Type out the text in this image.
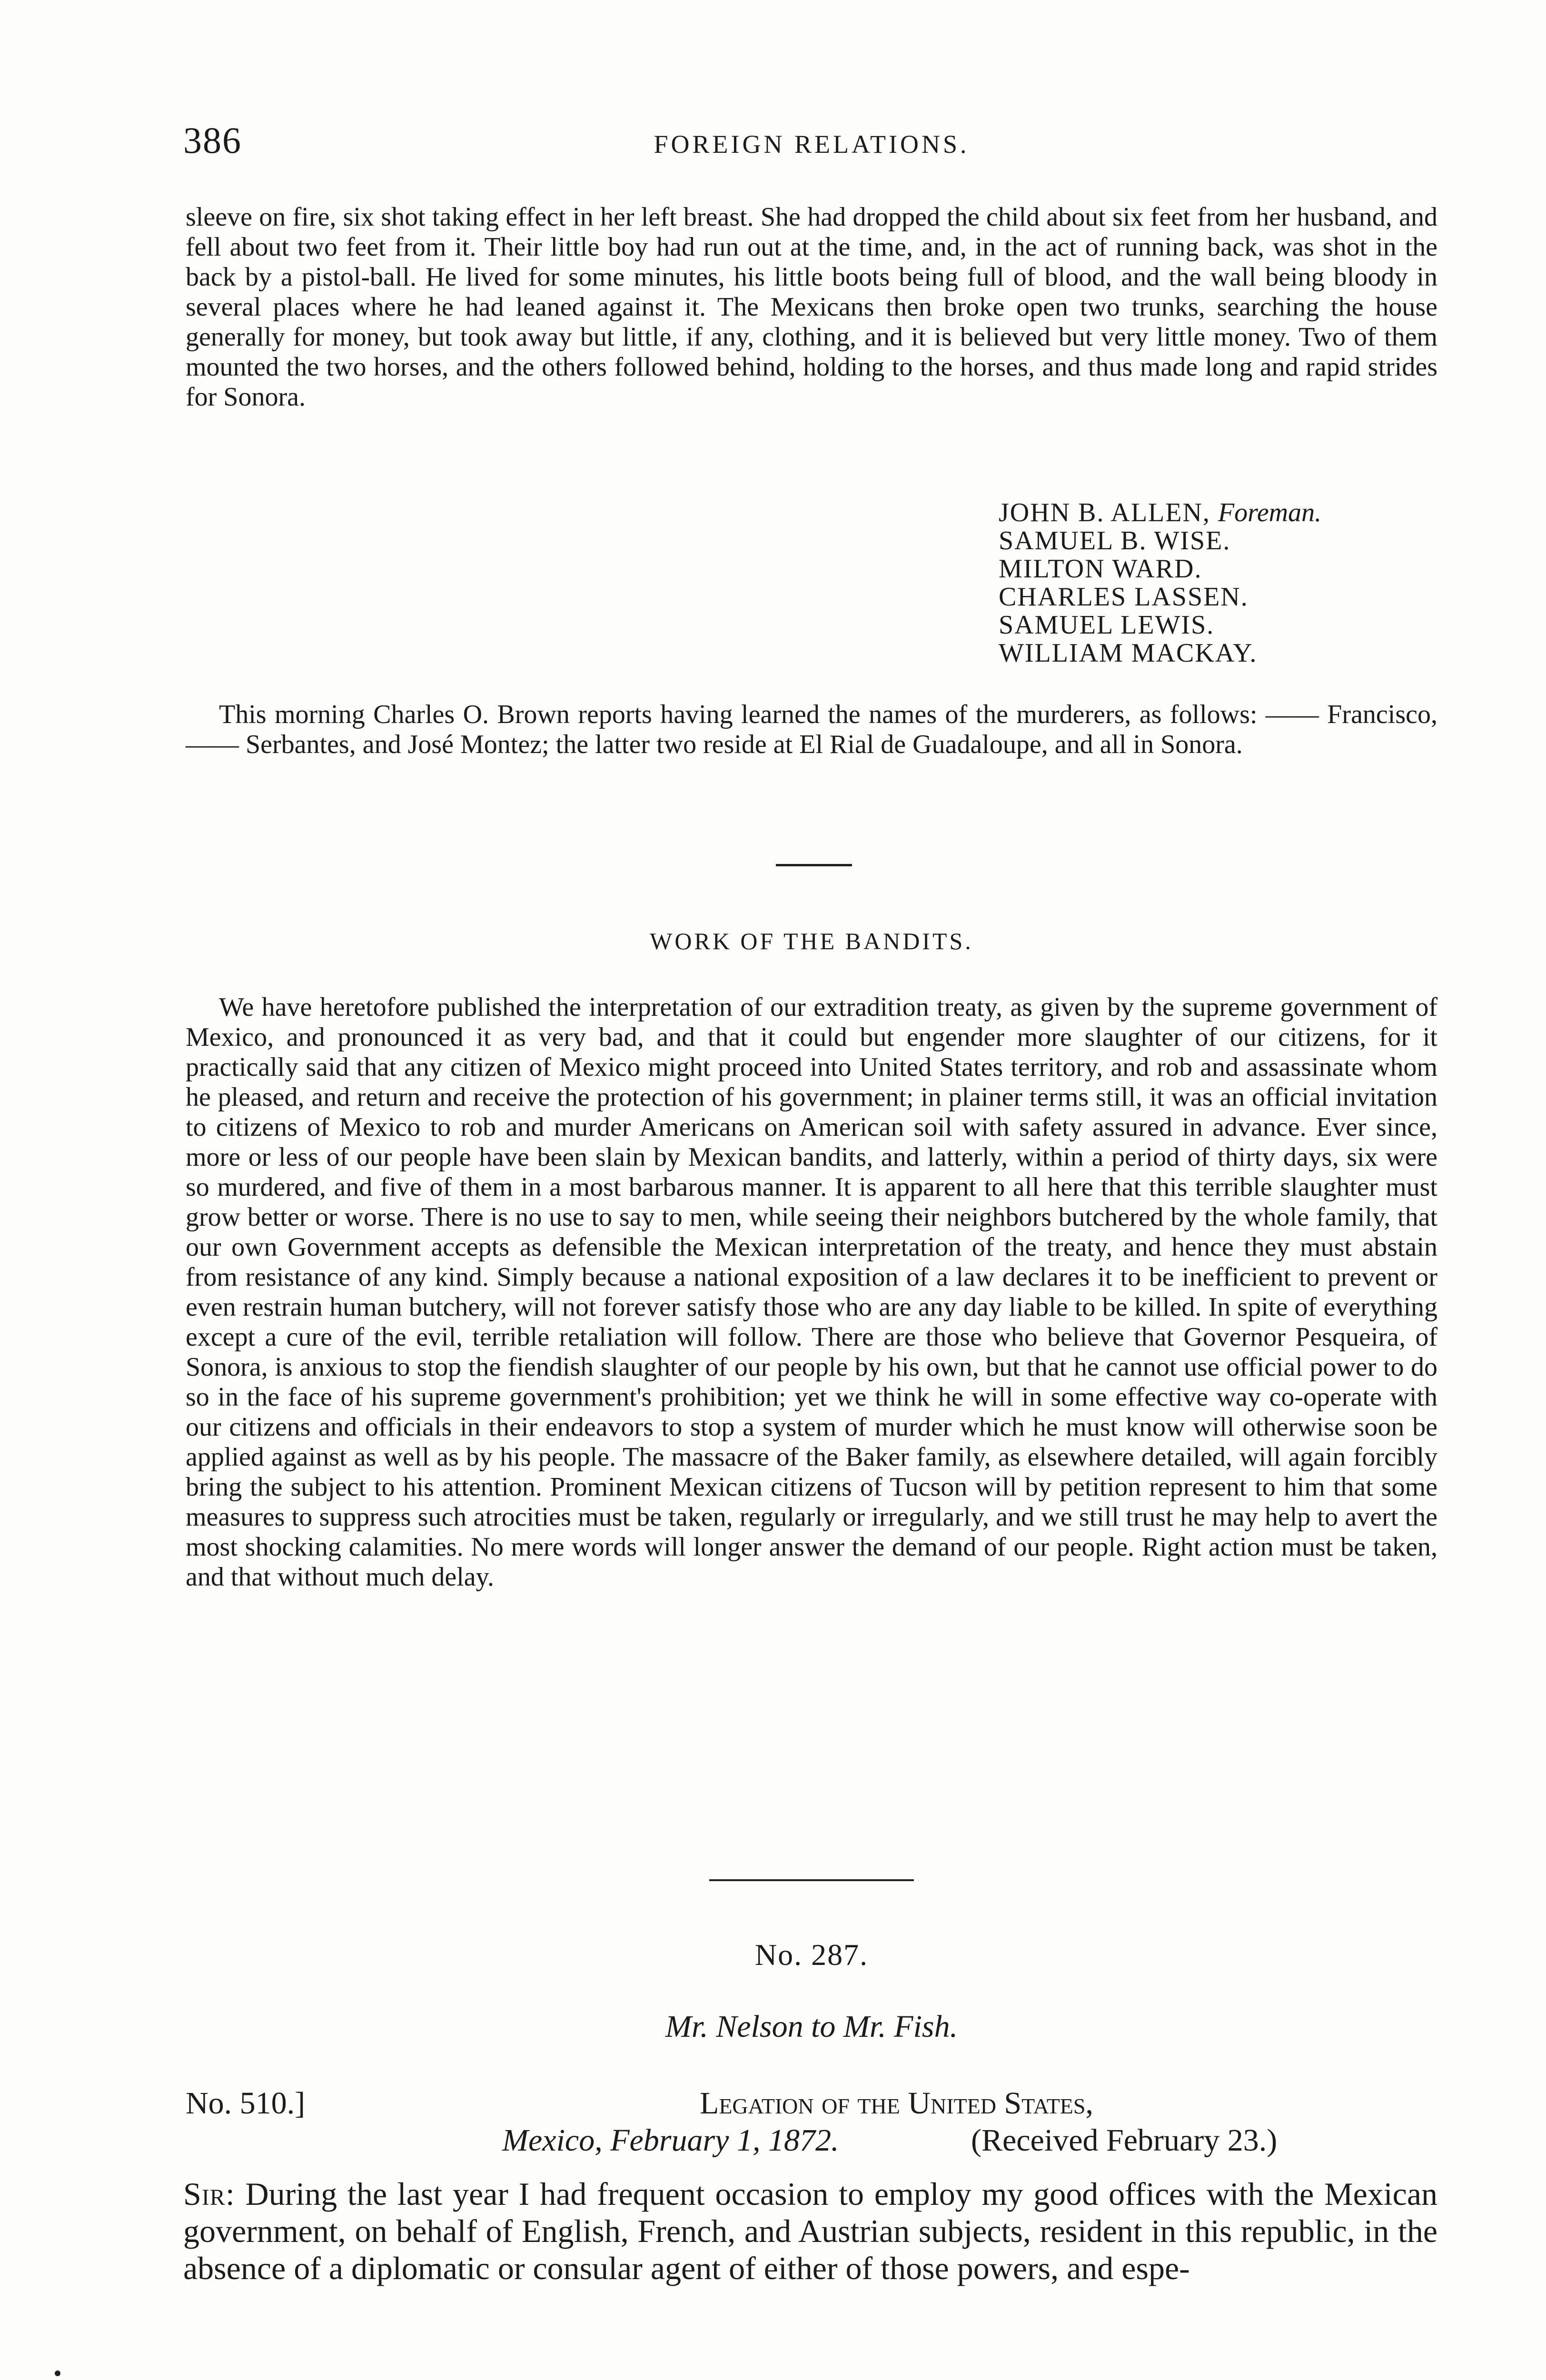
386	FOREIGN RELATIONS.

sleeve on fire, six shot taking effect in her left breast. She had dropped the child about six feet from her husband, and fell about two feet from it. Their little boy had run out at the time, and, in the act of running back, was shot in the back by a pistol-ball. He lived for some minutes, his little boots being full of blood, and the wall being bloody in several places where he had leaned against it. The Mexicans then broke open two trunks, searching the house generally for money, but took away but little, if any, clothing, and it is believed but very little money. Two of them mounted the two horses, and the others followed behind, holding to the horses, and thus made long and rapid strides for Sonora.

JOHN B. ALLEN, Foreman.
SAMUEL B. WISE.
MILTON WARD.
CHARLES LASSEN.
SAMUEL LEWIS.
WILLIAM MACKAY.

This morning Charles O. Brown reports having learned the names of the murderers, as follows: —— Francisco, —— Serbantes, and José Montez; the latter two reside at El Rial de Guadaloupe, and all in Sonora.

WORK OF THE BANDITS.

We have heretofore published the interpretation of our extradition treaty, as given by the supreme government of Mexico, and pronounced it as very bad, and that it could but engender more slaughter of our citizens, for it practically said that any citizen of Mexico might proceed into United States territory, and rob and assassinate whom he pleased, and return and receive the protection of his government; in plainer terms still, it was an official invitation to citizens of Mexico to rob and murder Americans on American soil with safety assured in advance. Ever since, more or less of our people have been slain by Mexican bandits, and latterly, within a period of thirty days, six were so murdered, and five of them in a most barbarous manner. It is apparent to all here that this terrible slaughter must grow better or worse. There is no use to say to men, while seeing their neighbors butchered by the whole family, that our own Government accepts as defensible the Mexican interpretation of the treaty, and hence they must abstain from resistance of any kind. Simply because a national exposition of a law declares it to be inefficient to prevent or even restrain human butchery, will not forever satisfy those who are any day liable to be killed. In spite of everything except a cure of the evil, terrible retaliation will follow. There are those who believe that Governor Pesqueira, of Sonora, is anxious to stop the fiendish slaughter of our people by his own, but that he cannot use official power to do so in the face of his supreme government's prohibition; yet we think he will in some effective way co-operate with our citizens and officials in their endeavors to stop a system of murder which he must know will otherwise soon be applied against as well as by his people. The massacre of the Baker family, as elsewhere detailed, will again forcibly bring the subject to his attention. Prominent Mexican citizens of Tucson will by petition represent to him that some measures to suppress such atrocities must be taken, regularly or irregularly, and we still trust he may help to avert the most shocking calamities. No mere words will longer answer the demand of our people. Right action must be taken, and that without much delay.

No. 287.
Mr. Nelson to Mr. Fish.
No. 510.]	Legation of the United States,
Mexico, February 1, 1872.	(Received February 23.)

Sir: During the last year I had frequent occasion to employ my good offices with the Mexican government, on behalf of English, French, and Austrian subjects, resident in this republic, in the absence of a diplomatic or consular agent of either of those powers, and espe-
